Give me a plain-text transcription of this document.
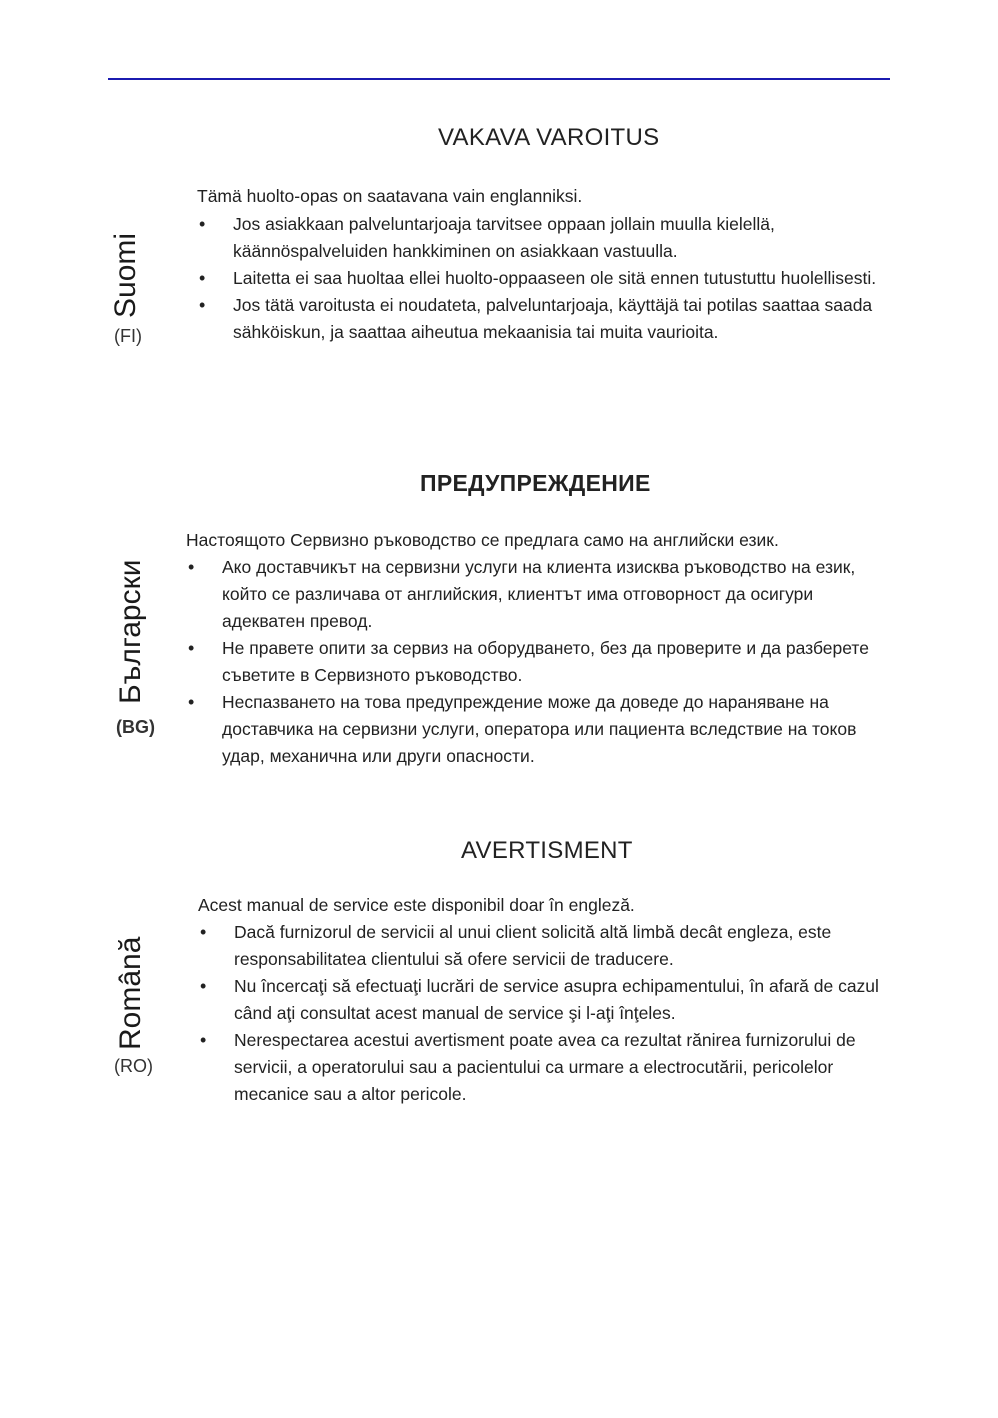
VAKAVA VAROITUS
Suomi
(FI)
Tämä huolto-opas on saatavana vain englanniksi.
• Jos asiakkaan palveluntarjoaja tarvitsee oppaan jollain muulla kielellä, käännöspalveluiden hankkiminen on asiakkaan vastuulla.
• Laitetta ei saa huoltaa ellei huolto-oppaaseen ole sitä ennen tutustuttu huolellisesti.
• Jos tätä varoitusta ei noudateta, palveluntarjoaja, käyttäjä tai potilas saattaa saada sähköiskun, ja saattaa aiheutua mekaanisia tai muita vaurioita.
ПРЕДУПРЕЖДЕНИЕ
Български
(BG)
Настоящото Сервизно ръководство се предлага само на английски език.
• Ако доставчикът на сервизни услуги на клиента изисква ръководство на език, който се различава от английския, клиентът има отговорност да осигури адекватен превод.
• Не правете опити за сервиз на оборудването, без да проверите и да разберете съветите в Сервизното ръководство.
• Неспазването на това предупреждение може да доведе до нараняване на доставчика на сервизни услуги, оператора или пациента вследствие на токов удар, механична или други опасности.
AVERTISMENT
Română
(RO)
Acest manual de service este disponibil doar în engleză.
• Dacă furnizorul de servicii al unui client solicită altă limbă decât engleza, este responsabilitatea clientului să ofere servicii de traducere.
• Nu încercaţi să efectuaţi lucrări de service asupra echipamentului, în afară de cazul când aţi consultat acest manual de service şi l-aţi înţeles.
• Nerespectarea acestui avertisment poate avea ca rezultat rănirea furnizorului de servicii, a operatorului sau a pacientului ca urmare a electrocutării, pericolelor mecanice sau a altor pericole.
